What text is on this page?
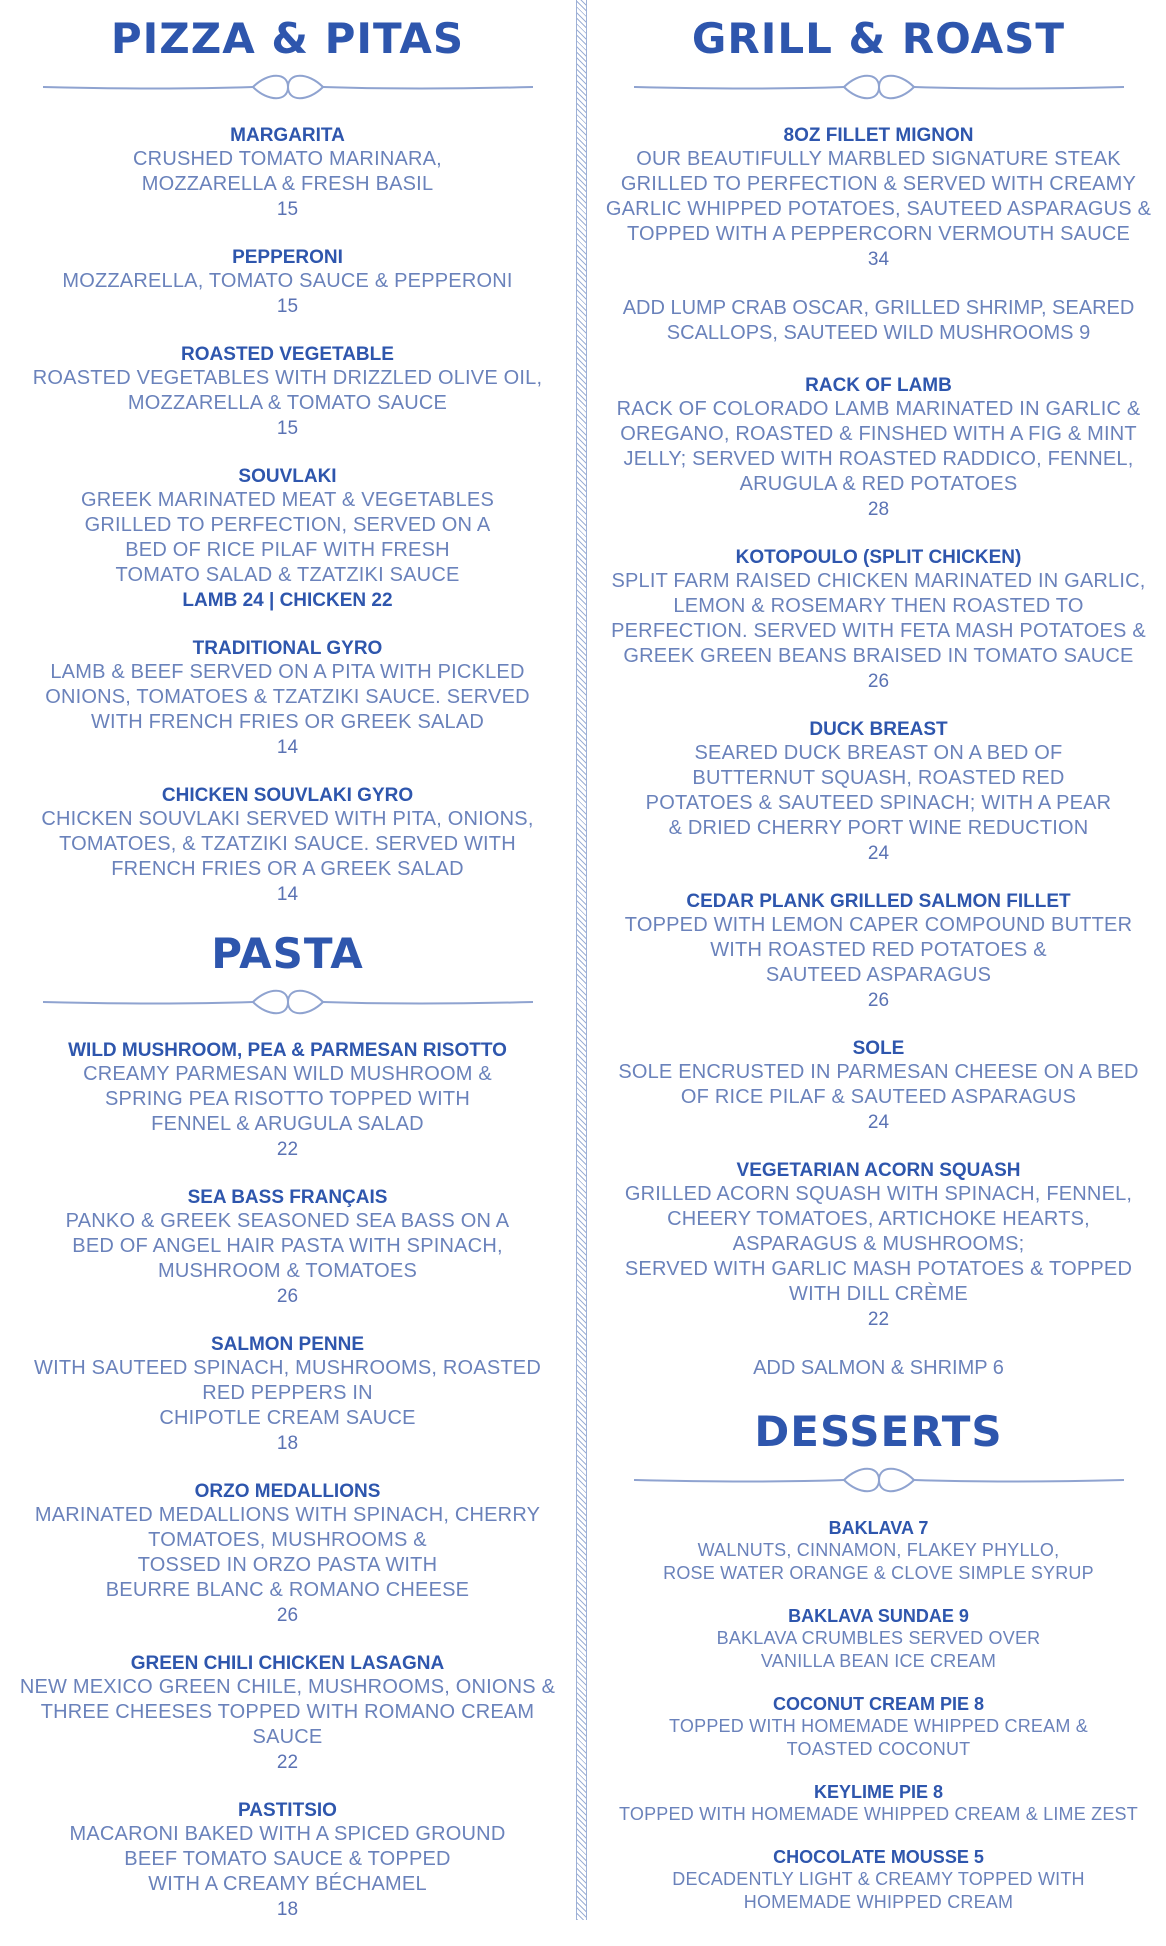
PIZZA & PITAS

MARGARITA

CRUSHED TOMATO MARINARA,
MOZZARELLA & FRESH BASIL

15

PEPPERONI

MOZZARELLA, TOMATO SAUCE & PEPPERONI

15

ROASTED VEGETABLE

ROASTED VEGETABLES WITH DRIZZLED OLIVE OIL,
MOZZARELLA & TOMATO SAUCE

15

SOUVLAKI

GREEK MARINATED MEAT & VEGETABLES
GRILLED TO PERFECTION, SERVED ON A
BED OF RICE PILAF WITH FRESH
TOMATO SALAD & TZATZIKI SAUCE

LAMB 24 | CHICKEN 22

TRADITIONAL GYRO

LAMB & BEEF SERVED ON A PITA WITH PICKLED
ONIONS, TOMATOES & TZATZIKI SAUCE. SERVED
WITH FRENCH FRIES OR GREEK SALAD

14

CHICKEN SOUVLAKI GYRO

CHICKEN SOUVLAKI SERVED WITH PITA, ONIONS,
TOMATOES, & TZATZIKI SAUCE. SERVED WITH
FRENCH FRIES OR A GREEK SALAD

14

PASTA

WILD MUSHROOM, PEA & PARMESAN RISOTTO

CREAMY PARMESAN WILD MUSHROOM &
SPRING PEA RISOTTO TOPPED WITH
FENNEL & ARUGULA SALAD

22

SEA BASS FRANÇAIS

PANKO & GREEK SEASONED SEA BASS ON A
BED OF ANGEL HAIR PASTA WITH SPINACH,
MUSHROOM & TOMATOES

26

SALMON PENNE

WITH SAUTEED SPINACH, MUSHROOMS, ROASTED
RED PEPPERS IN
CHIPOTLE CREAM SAUCE

18

ORZO MEDALLIONS

MARINATED MEDALLIONS WITH SPINACH, CHERRY
TOMATOES, MUSHROOMS &
TOSSED IN ORZO PASTA WITH
BEURRE BLANC & ROMANO CHEESE

26

GREEN CHILI CHICKEN LASAGNA

NEW MEXICO GREEN CHILE, MUSHROOMS, ONIONS &
THREE CHEESES TOPPED WITH ROMANO CREAM
SAUCE

22

PASTITSIO

MACARONI BAKED WITH A SPICED GROUND
BEEF TOMATO SAUCE & TOPPED
WITH A CREAMY BÉCHAMEL

18

GRILL & ROAST

8OZ FILLET MIGNON

OUR BEAUTIFULLY MARBLED SIGNATURE STEAK
GRILLED TO PERFECTION & SERVED WITH CREAMY
GARLIC WHIPPED POTATOES, SAUTEED ASPARAGUS &
TOPPED WITH A PEPPERCORN VERMOUTH SAUCE

34

ADD LUMP CRAB OSCAR, GRILLED SHRIMP, SEARED
SCALLOPS, SAUTEED WILD MUSHROOMS 9

RACK OF LAMB

RACK OF COLORADO LAMB MARINATED IN GARLIC &
OREGANO, ROASTED & FINSHED WITH A FIG & MINT
JELLY; SERVED WITH ROASTED RADDICO, FENNEL,
ARUGULA & RED POTATOES

28

KOTOPOULO (SPLIT CHICKEN)

SPLIT FARM RAISED CHICKEN MARINATED IN GARLIC,
LEMON & ROSEMARY THEN ROASTED TO
PERFECTION. SERVED WITH FETA MASH POTATOES &
GREEK GREEN BEANS BRAISED IN TOMATO SAUCE

26

DUCK BREAST

SEARED DUCK BREAST ON A BED OF
BUTTERNUT SQUASH, ROASTED RED
POTATOES & SAUTEED SPINACH; WITH A PEAR
& DRIED CHERRY PORT WINE REDUCTION

24

CEDAR PLANK GRILLED SALMON FILLET

TOPPED WITH LEMON CAPER COMPOUND BUTTER
WITH ROASTED RED POTATOES &
SAUTEED ASPARAGUS

26

SOLE

SOLE ENCRUSTED IN PARMESAN CHEESE ON A BED
OF RICE PILAF & SAUTEED ASPARAGUS

24

VEGETARIAN ACORN SQUASH

GRILLED ACORN SQUASH WITH SPINACH, FENNEL,
CHEERY TOMATOES, ARTICHOKE HEARTS,
ASPARAGUS & MUSHROOMS;
SERVED WITH GARLIC MASH POTATOES & TOPPED
WITH DILL CRÈME

22

ADD SALMON & SHRIMP 6

DESSERTS

BAKLAVA 7

WALNUTS, CINNAMON, FLAKEY PHYLLO,
ROSE WATER ORANGE & CLOVE SIMPLE SYRUP

BAKLAVA SUNDAE 9

BAKLAVA CRUMBLES SERVED OVER
VANILLA BEAN ICE CREAM

COCONUT CREAM PIE 8

TOPPED WITH HOMEMADE WHIPPED CREAM &
TOASTED COCONUT

KEYLIME PIE 8

TOPPED WITH HOMEMADE WHIPPED CREAM & LIME ZEST

CHOCOLATE MOUSSE 5

DECADENTLY LIGHT & CREAMY TOPPED WITH
HOMEMADE WHIPPED CREAM
